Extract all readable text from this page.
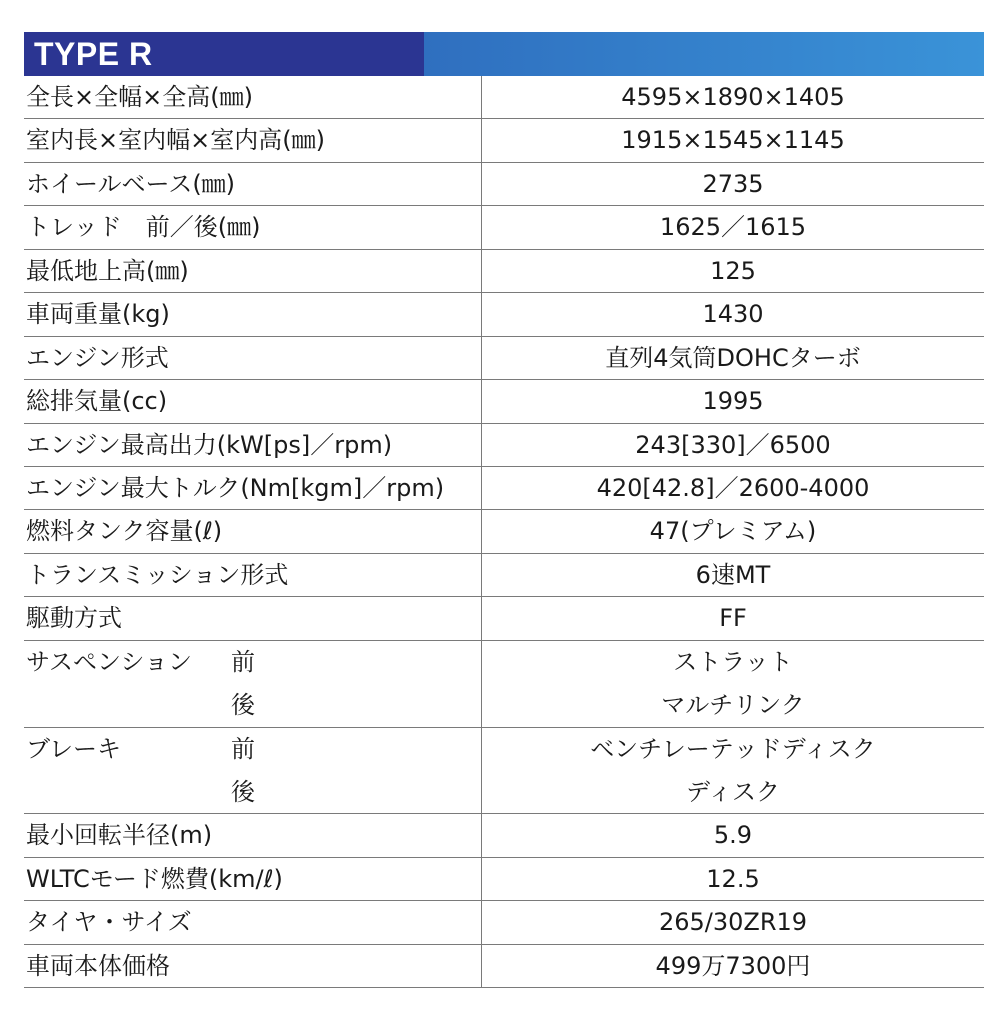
TYPE R
全長×全幅×全高(㎜)	4595×1890×1405
室内長×室内幅×室内高(㎜)	1915×1545×1145
ホイールベース(㎜)	2735
トレッド　前／後(㎜)	1625／1615
最低地上高(㎜)	125
車両重量(kg)	1430
エンジン形式	直列4気筒DOHCターボ
総排気量(cc)	1995
エンジン最高出力(kW[ps]／rpm)	243[330]／6500
エンジン最大トルク(Nm[kgm]／rpm)	420[42.8]／2600-4000
燃料タンク容量(ℓ)	47(プレミアム)
トランスミッション形式	6速MT
駆動方式	FF
サスペンション 前	ストラット
後	マルチリンク
ブレーキ	前	ベンチレーテッドディスク
後	ディスク
最小回転半径(m)	5.9
WLTCモード燃費(km/ℓ)	12.5
タイヤ・サイズ	265/30ZR19
車両本体価格	499万7300円
